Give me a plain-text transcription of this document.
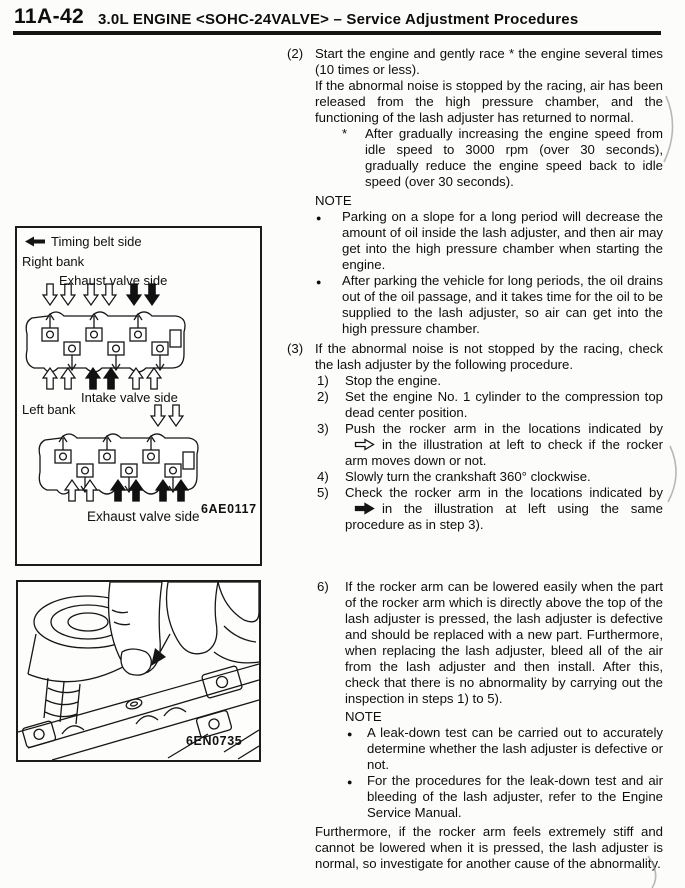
11A-42 3.0L ENGINE <SOHC-24VALVE> – Service Adjustment Procedures
Timing belt side
Right bank
Exhaust valve side
Intake valve side
Left bank
Exhaust valve side 6AE0117
6EN0735
(2) Start the engine and gently race * the engine several times (10 times or less).
If the abnormal noise is stopped by the racing, air has been released from the high pressure chamber, and the functioning of the lash adjuster has returned to normal.
* After gradually increasing the engine speed from idle speed to 3000 rpm (over 30 seconds), gradually reduce the engine speed back to idle speed (over 30 seconds).
NOTE
● Parking on a slope for a long period will decrease the amount of oil inside the lash adjuster, and then air may get into the high pressure chamber when starting the engine.
● After parking the vehicle for long periods, the oil drains out of the oil passage, and it takes time for the oil to be supplied to the lash adjuster, so air can get into the high pressure chamber.
(3) If the abnormal noise is not stopped by the racing, check the lash adjuster by the following procedure.
1) Stop the engine.
2) Set the engine No. 1 cylinder to the compression top dead center position.
3) Push the rocker arm in the locations indicated byin the illustration at left to check if the rocker arm moves down or not.
4) Slowly turn the crankshaft 360° clockwise.
5) Check the rocker arm in the locations indicated byin the illustration at left using the same procedure as in step 3).
6) If the rocker arm can be lowered easily when the part of the rocker arm which is directly above the top of the lash adjuster is pressed, the lash adjuster is defective and should be replaced with a new part. Furthermore, when replacing the lash adjuster, bleed all of the air from the lash adjuster and then install. After this, check that there is no abnormality by carrying out the inspection in steps 1) to 5).
NOTE
● A leak-down test can be carried out to accurately determine whether the lash adjuster is defective or not.
● For the procedures for the leak-down test and air bleeding of the lash adjuster, refer to the Engine Service Manual.
Furthermore, if the rocker arm feels extremely stiff and cannot be lowered when it is pressed, the lash adjuster is normal, so investigate for another cause of the abnormality.
